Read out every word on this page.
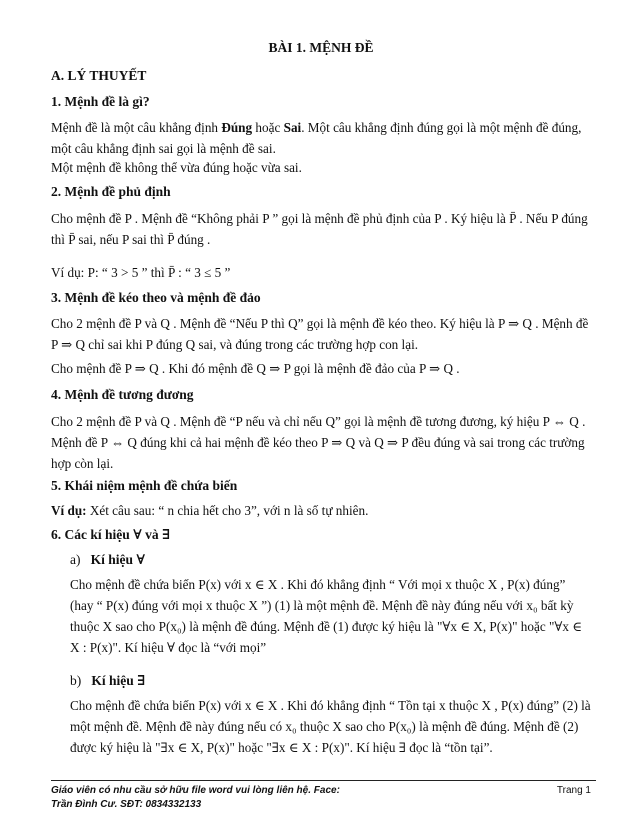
BÀI 1. MỆNH ĐỀ
A. LÝ THUYẾT
1. Mệnh đề là gì?
Mệnh đề là một câu khẳng định Đúng hoặc Sai. Một câu khẳng định đúng gọi là một mệnh đề đúng, một câu khẳng định sai gọi là mệnh đề sai.
Một mệnh đề không thể vừa đúng hoặc vừa sai.
2. Mệnh đề phủ định
Cho mệnh đề P . Mệnh đề “Không phải P ” gọi là mệnh đề phủ định của P . Ký hiệu là P̄ . Nếu P đúng thì P̄ sai, nếu P sai thì P̄ đúng .
Ví dụ: P: “ 3 > 5 ” thì P̄ : “ 3 ≤ 5 ”
3. Mệnh đề kéo theo và mệnh đề đảo
Cho 2 mệnh đề P và Q . Mệnh đề “Nếu P thì Q” gọi là mệnh đề kéo theo. Ký hiệu là P ⇒ Q . Mệnh đề P ⇒ Q chỉ sai khi P đúng Q sai, và đúng trong các trường hợp con lại.
Cho mệnh đề P ⇒ Q . Khi đó mệnh đề Q ⇒ P gọi là mệnh đề đảo của P ⇒ Q .
4. Mệnh đề tương đương
Cho 2 mệnh đề P và Q . Mệnh đề “P nếu và chỉ nếu Q” gọi là mệnh đề tương đương, ký hiệu P ⇔ Q . Mệnh đề P ⇔ Q đúng khi cả hai mệnh đề kéo theo P ⇒ Q và Q ⇒ P đều đúng và sai trong các trường hợp còn lại.
5. Khái niệm mệnh đề chứa biến
Ví dụ: Xét câu sau: “ n chia hết cho 3”, với n là số tự nhiên.
6. Các kí hiệu ∀ và ∃
a) Kí hiệu ∀
Cho mệnh đề chứa biến P(x) với x ∈ X . Khi đó khẳng định “ Với mọi x thuộc X , P(x) đúng” (hay “ P(x) đúng với mọi x thuộc X ”) (1) là một mệnh đề. Mệnh đề này đúng nếu với x₀ bất kỳ thuộc X sao cho P(x₀) là mệnh đề đúng. Mệnh đề (1) được ký hiệu là "∀x ∈ X, P(x)" hoặc "∀x ∈ X : P(x)". Kí hiệu ∀ đọc là “với mọi”
b) Kí hiệu ∃
Cho mệnh đề chứa biến P(x) với x ∈ X . Khi đó khẳng định “ Tồn tại x thuộc X , P(x) đúng” (2) là một mệnh đề. Mệnh đề này đúng nếu có x₀ thuộc X sao cho P(x₀) là mệnh đề đúng. Mệnh đề (2) được ký hiệu là "∃x ∈ X, P(x)" hoặc "∃x ∈ X : P(x)". Kí hiệu ∃ đọc là “tồn tại”.
Giáo viên có nhu cầu sở hữu file word vui lòng liên hệ. Face:
Trần Đình Cư. SĐT: 0834332133
Trang 1
